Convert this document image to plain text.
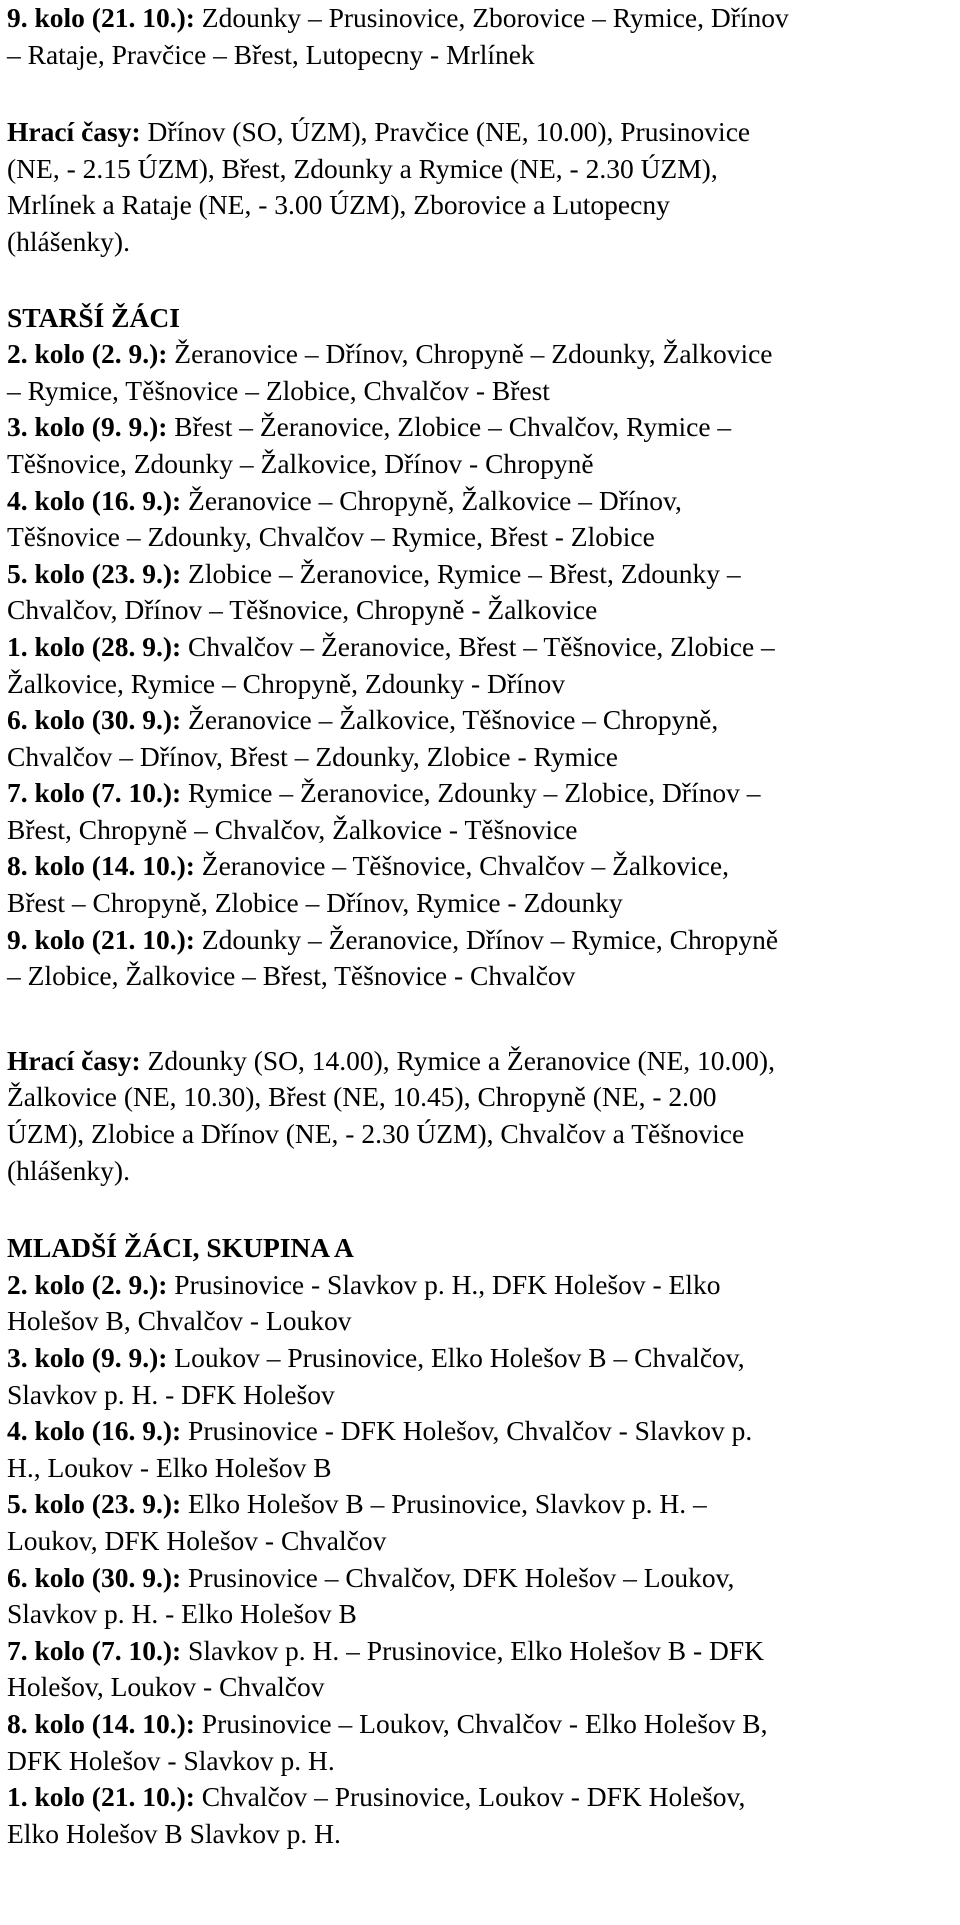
9. kolo (21. 10.): Zdounky – Prusinovice, Zborovice – Rymice, Dřínov

– Rataje, Pravčice – Břest, Lutopecny - Mrlínek

Hrací časy: Dřínov (SO, ÚZM), Pravčice (NE, 10.00), Prusinovice

(NE, - 2.15 ÚZM), Břest, Zdounky a Rymice (NE, - 2.30 ÚZM),

Mrlínek a Rataje (NE, - 3.00 ÚZM), Zborovice a Lutopecny

(hlášenky).

STARŠÍ ŽÁCI

2. kolo (2. 9.): Žeranovice – Dřínov, Chropyně – Zdounky, Žalkovice

– Rymice, Těšnovice – Zlobice, Chvalčov - Břest

3. kolo (9. 9.): Břest – Žeranovice, Zlobice – Chvalčov, Rymice –

Těšnovice, Zdounky – Žalkovice, Dřínov - Chropyně

4. kolo (16. 9.): Žeranovice – Chropyně, Žalkovice – Dřínov,

Těšnovice – Zdounky, Chvalčov – Rymice, Břest - Zlobice

5. kolo (23. 9.): Zlobice – Žeranovice, Rymice – Břest, Zdounky –

Chvalčov, Dřínov – Těšnovice, Chropyně - Žalkovice

1. kolo (28. 9.): Chvalčov – Žeranovice, Břest – Těšnovice, Zlobice –

Žalkovice, Rymice – Chropyně, Zdounky - Dřínov

6. kolo (30. 9.): Žeranovice – Žalkovice, Těšnovice – Chropyně,

Chvalčov – Dřínov, Břest – Zdounky, Zlobice - Rymice

7. kolo (7. 10.): Rymice – Žeranovice, Zdounky – Zlobice, Dřínov –

Břest, Chropyně – Chvalčov, Žalkovice - Těšnovice

8. kolo (14. 10.): Žeranovice – Těšnovice, Chvalčov – Žalkovice,

Břest – Chropyně, Zlobice – Dřínov, Rymice - Zdounky

9. kolo (21. 10.): Zdounky – Žeranovice, Dřínov – Rymice, Chropyně

– Zlobice, Žalkovice – Břest, Těšnovice - Chvalčov

Hrací časy: Zdounky (SO, 14.00), Rymice a Žeranovice (NE, 10.00),

Žalkovice (NE, 10.30), Břest (NE, 10.45), Chropyně (NE, - 2.00

ÚZM), Zlobice a Dřínov (NE, - 2.30 ÚZM), Chvalčov a Těšnovice

(hlášenky).

MLADŠÍ ŽÁCI, SKUPINA A

2. kolo (2. 9.): Prusinovice - Slavkov p. H., DFK Holešov - Elko

Holešov B, Chvalčov - Loukov

3. kolo (9. 9.): Loukov – Prusinovice, Elko Holešov B – Chvalčov,

Slavkov p. H. - DFK Holešov

4. kolo (16. 9.): Prusinovice - DFK Holešov, Chvalčov - Slavkov p.

H., Loukov - Elko Holešov B

5. kolo (23. 9.): Elko Holešov B – Prusinovice, Slavkov p. H. –

Loukov, DFK Holešov - Chvalčov

6. kolo (30. 9.): Prusinovice – Chvalčov, DFK Holešov – Loukov,

Slavkov p. H. - Elko Holešov B

7. kolo (7. 10.): Slavkov p. H. – Prusinovice, Elko Holešov B - DFK

Holešov, Loukov - Chvalčov

8. kolo (14. 10.): Prusinovice – Loukov, Chvalčov - Elko Holešov B,

DFK Holešov - Slavkov p. H.

1. kolo (21. 10.): Chvalčov – Prusinovice, Loukov - DFK Holešov,

Elko Holešov B Slavkov p. H.
